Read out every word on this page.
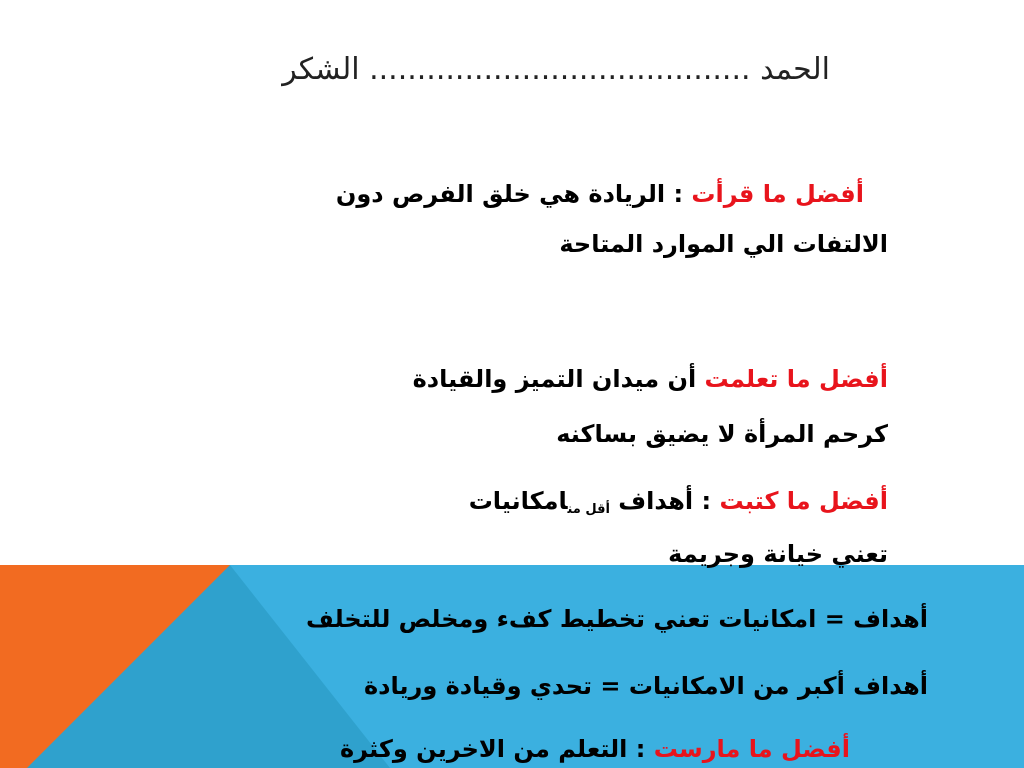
الحمد ........................................ الشكر
أفضل ما قرأت : الريادة هي خلق الفرص دون
الالتفات الي الموارد المتاحة
أفضل ما تعلمت أن ميدان التميز والقيادة
كرحم المرأة لا يضيق بساكنه
أفضل ما كتبت : أهداف $_{أقل من}$امكانيات
تعني خيانة وجريمة
أهداف = امكانيات تعني تخطيط كفء ومخلص للتخلف
أهداف أكبر من الامكانيات = تحدي وقيادة وريادة
أفضل ما مارست : التعلم من الاخرين وكثرة
